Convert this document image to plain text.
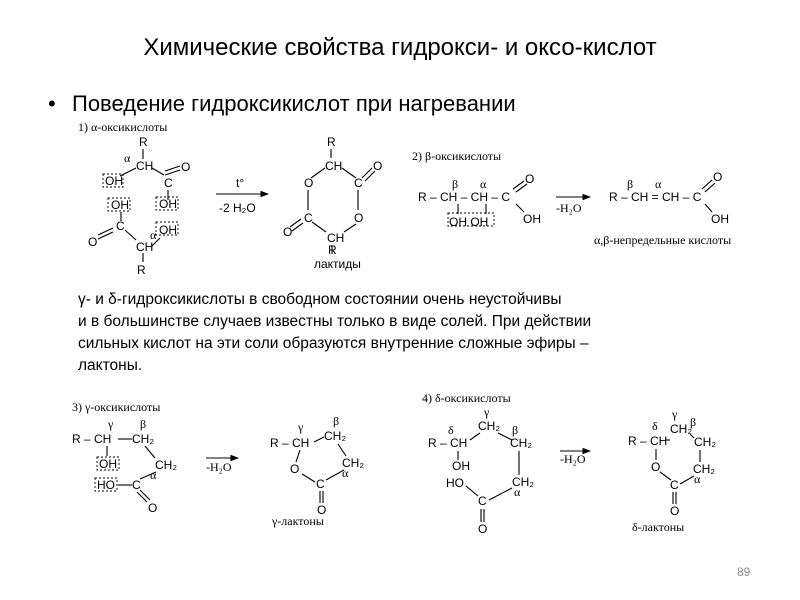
Химические свойства гидрокси- и оксо-кислот
• Поведение гидроксикислот при нагревании
1) α-оксикислоты
R
α
CH
OH
O
C
OH	OH
C	OH
O	α
CH
R
t°
-2 H₂O
R
CH
O	C
O
C	O
O	CH
R
лактиды
2) β-оксикислоты
β α
R – CH – CH – C
O
OH
OH OH
-H₂O
β α
R – CH = CH – C
O
OH
α,β-непредельные кислоты
3) γ-оксикислоты
γ β
R – CH CH₂
CH₂
α
OH
HO C
O
-H₂O
γ β
R – CH CH₂
CH₂
α
O
C
O
γ-лактоны
4) δ-оксикислоты
γ
CH₂
δ	β
R – CH	CH₂
OH
CH₂
α
HO
C
O
-H₂O
δ
γ
β
R – CH
CH₂
CH₂
CH₂
α
O
C
O
δ-лактоны
γ- и δ-гидроксикислоты в свободном состоянии очень неустойчивы
и в большинстве случаев известны только в виде солей. При действии
сильных кислот на эти соли образуются внутренние сложные эфиры –
лактоны.
89
